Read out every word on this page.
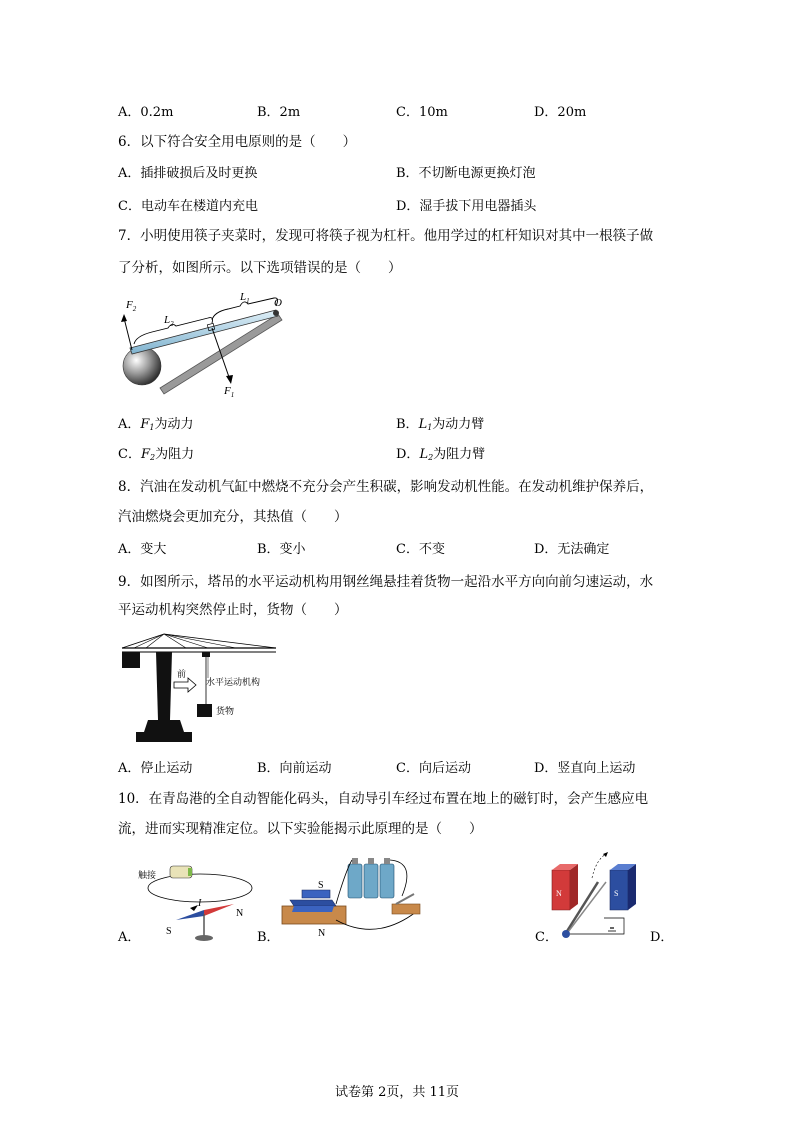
A．0.2m	B．2m	C．10m	D．20m
6．以下符合安全用电原则的是（　　）
A．插排破损后及时更换	B．不切断电源更换灯泡
C．电动车在楼道内充电	D．湿手拔下用电器插头
7．小明使用筷子夹菜时，发现可将筷子视为杠杆。他用学过的杠杆知识对其中一根筷子做
了分析，如图所示。以下选项错误的是（　　）
$F_2$
$L_2$
$L_1$ O
$F_1$
A．$F_1$为动力	B．$L_1$为动力臂
C．$F_2$为阻力	D．$L_2$为阻力臂
8．汽油在发动机气缸中燃烧不充分会产生积碳，影响发动机性能。在发动机维护保养后，
汽油燃烧会更加充分，其热值（　　）
A．变大	B．变小	C．不变	D．无法确定
9．如图所示，塔吊的水平运动机构用钢丝绳悬挂着货物一起沿水平方向向前匀速运动，水
平运动机构突然停止时，货物（　　）
前
水平运动机构
货物
A．停止运动	B．向前运动	C．向后运动	D．竖直向上运动
10．在青岛港的全自动智能化码头，自动导引车经过布置在地上的磁钉时，会产生感应电
流，进而实现精准定位。以下实验能揭示此原理的是（　　）
触接
I
N
S
A．
S
N
B．
N	S
C．	D．
试卷第 2页，共 11页
